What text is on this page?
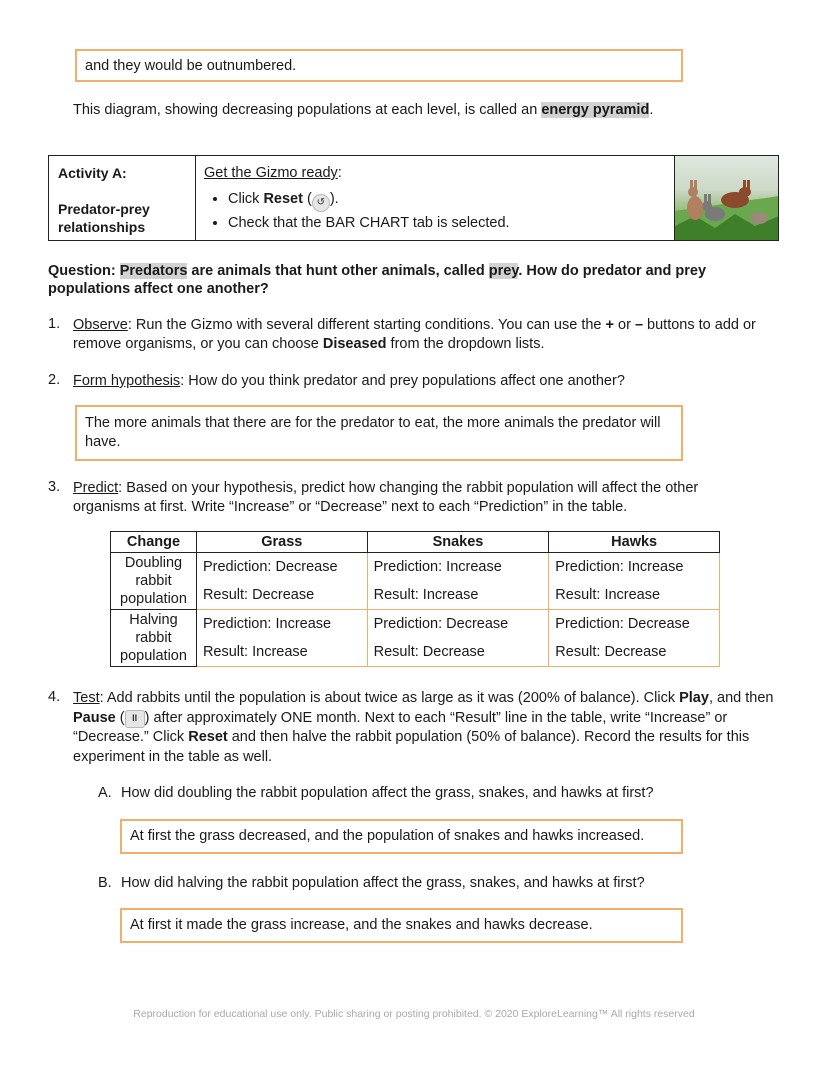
and they would be outnumbered.
This diagram, showing decreasing populations at each level, is called an energy pyramid.
Activity A:
Predator-prey relationships
Get the Gizmo ready:
• Click Reset ( ↺ ).
• Check that the BAR CHART tab is selected.
Question: Predators are animals that hunt other animals, called prey. How do predator and prey populations affect one another?
1. Observe: Run the Gizmo with several different starting conditions. You can use the + or – buttons to add or remove organisms, or you can choose Diseased from the dropdown lists.
2. Form hypothesis: How do you think predator and prey populations affect one another?
The more animals that there are for the predator to eat, the more animals the predator will have.
3. Predict: Based on your hypothesis, predict how changing the rabbit population will affect the other organisms at first. Write “Increase” or “Decrease” next to each “Prediction” in the table.
Change	Grass	Snakes	Hawks
Doubling rabbit population	Prediction: Decrease	Prediction: Increase	Prediction: Increase
	Result: Decrease	Result: Increase	Result: Increase
Halving rabbit population	Prediction: Increase	Prediction: Decrease	Prediction: Decrease
	Result: Increase	Result: Decrease	Result: Decrease
4. Test: Add rabbits until the population is about twice as large as it was (200% of balance). Click Play, and then Pause ( II ) after approximately ONE month. Next to each “Result” line in the table, write “Increase” or “Decrease.” Click Reset and then halve the rabbit population (50% of balance). Record the results for this experiment in the table as well.
A. How did doubling the rabbit population affect the grass, snakes, and hawks at first?
At first the grass decreased, and the population of snakes and hawks increased.
B. How did halving the rabbit population affect the grass, snakes, and hawks at first?
At first it made the grass increase, and the snakes and hawks decrease.
Reproduction for educational use only. Public sharing or posting prohibited. © 2020 ExploreLearning™ All rights reserved
